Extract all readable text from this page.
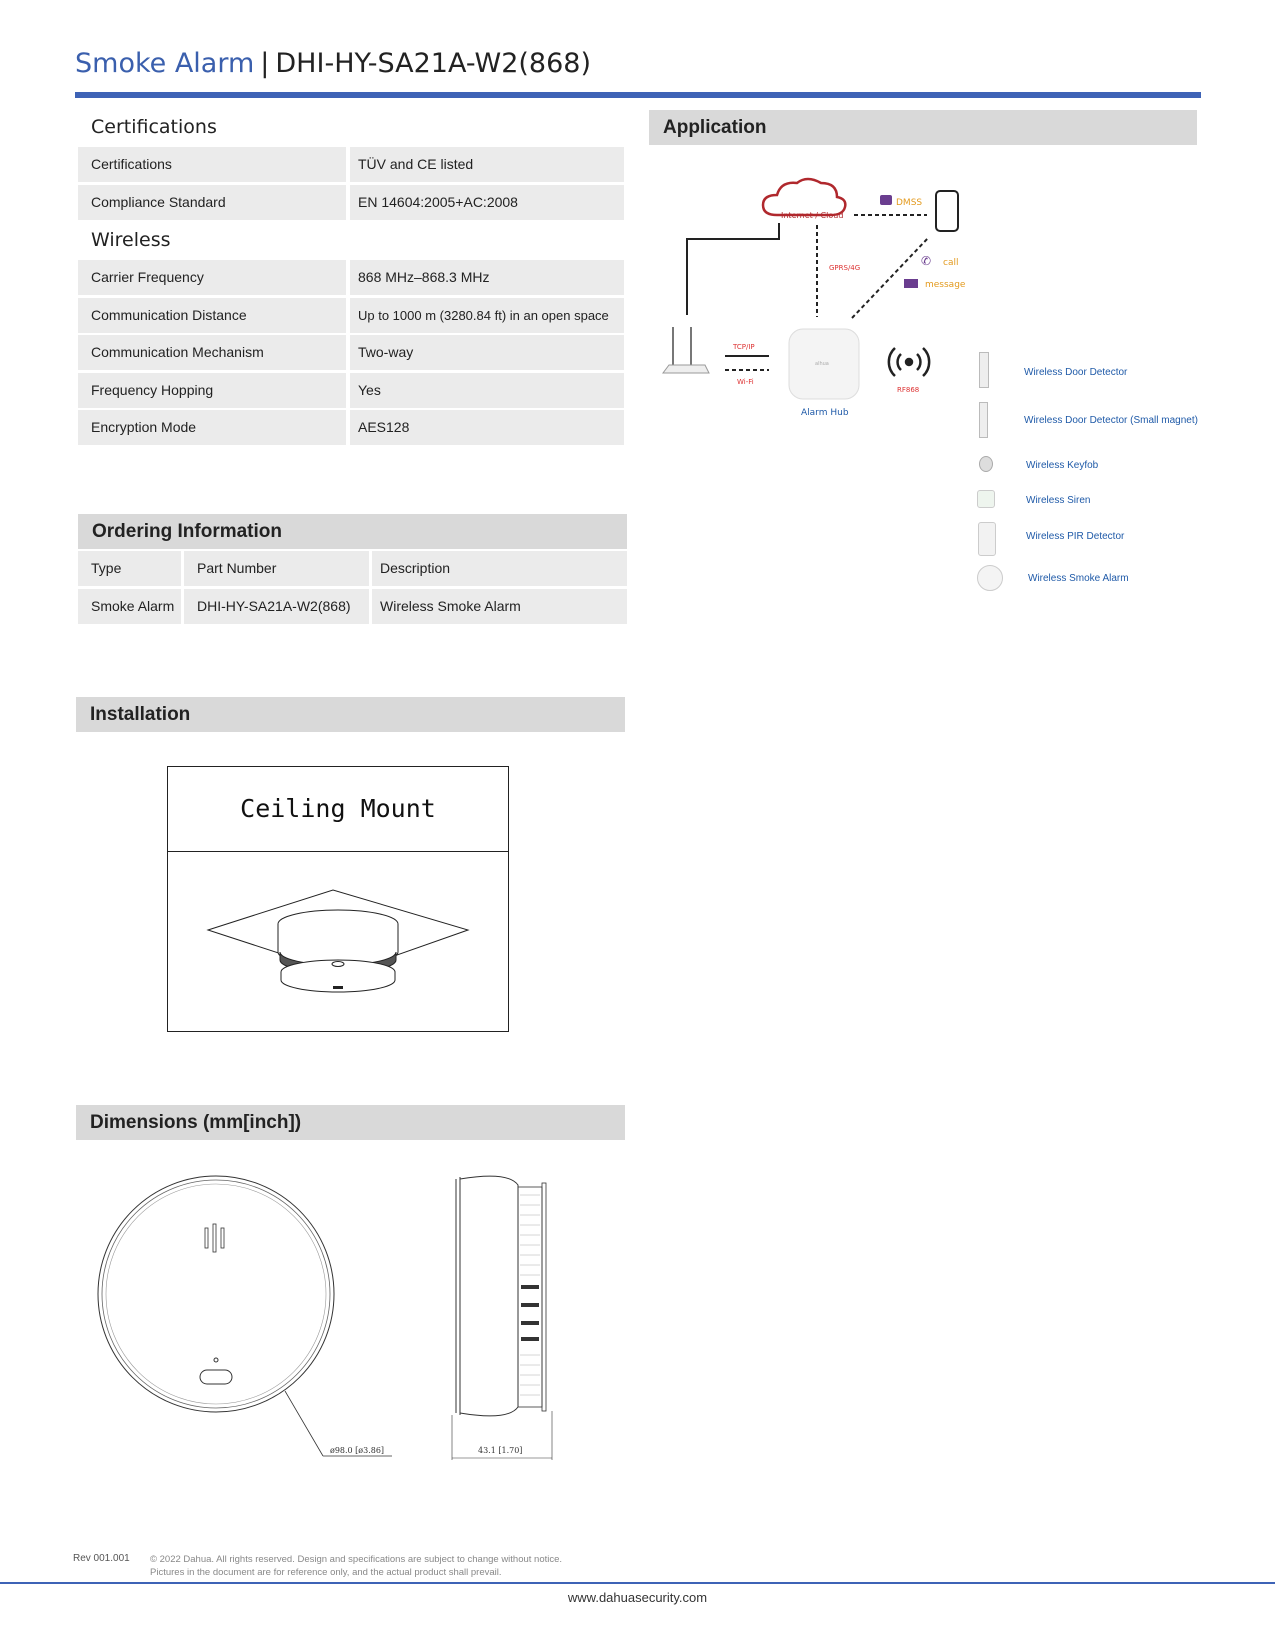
Smoke Alarm | DHI-HY-SA21A-W2(868)
Certifications
Certifications	TÜV and CE listed
Compliance Standard	EN 14604:2005+AC:2008
Wireless
Carrier Frequency	868 MHz–868.3 MHz
Communication Distance	Up to 1000 m (3280.84 ft) in an open space
Communication Mechanism	Two-way
Frequency Hopping	Yes
Encryption Mode	AES128
Ordering Information
Type	Part Number	Description
Smoke Alarm	DHI-HY-SA21A-W2(868)	Wireless Smoke Alarm
Installation
Ceiling Mount
Dimensions (mm[inch])
ø98.0 [ø3.86]	43.1 [1.70]
Application
Internet / Cloud
DMSS
GPRS/4G	✆ call
message
TCP/IP
Wi-Fi
alhua
Alarm Hub
RF868
Wireless Door Detector
Wireless Door Detector (Small magnet)
Wireless Keyfob
Wireless Siren
Wireless PIR Detector
Wireless Smoke Alarm
Rev 001.001 © 2022 Dahua. All rights reserved. Design and specifications are subject to change without notice.
Pictures in the document are for reference only, and the actual product shall prevail.
www.dahuasecurity.com
